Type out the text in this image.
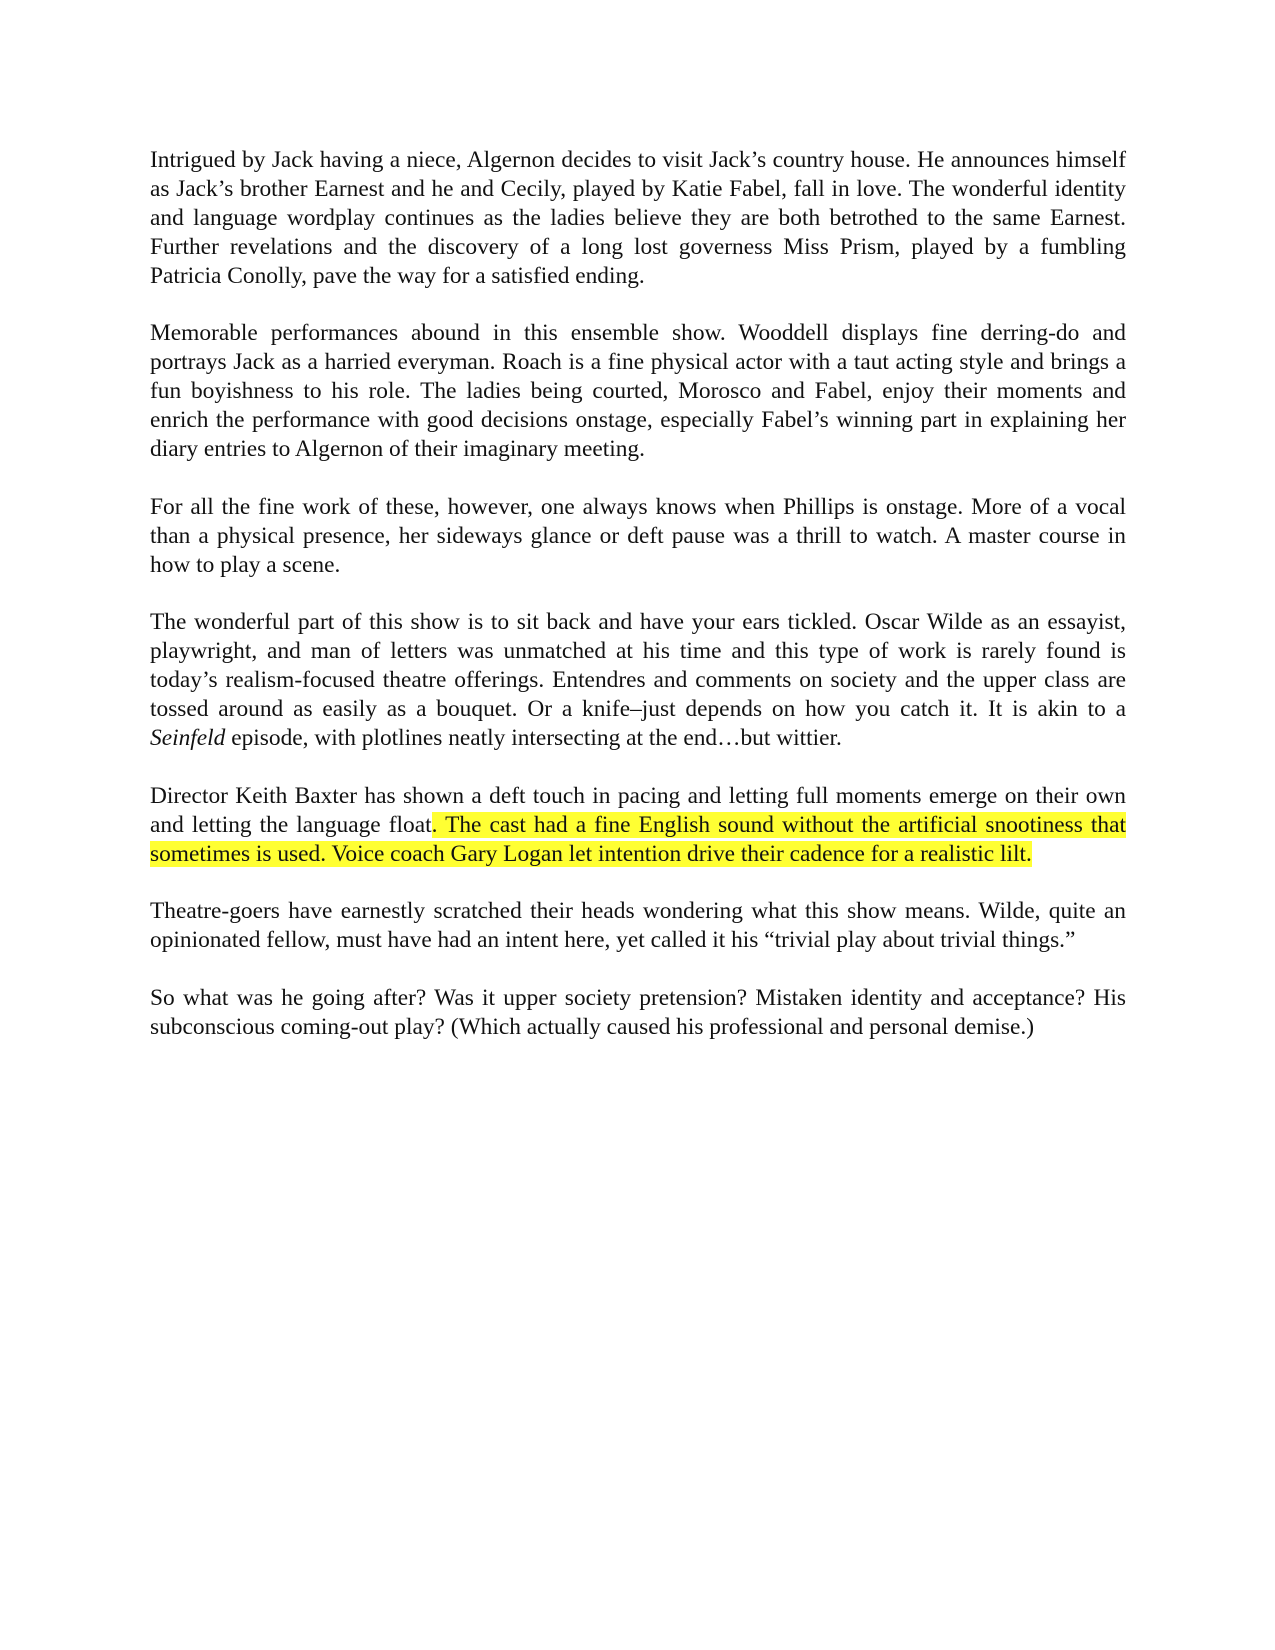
Intrigued by Jack having a niece, Algernon decides to visit Jack’s country house. He announces himself as Jack’s brother Earnest and he and Cecily, played by Katie Fabel, fall in love. The wonderful identity and language wordplay continues as the ladies believe they are both betrothed to the same Earnest. Further revelations and the discovery of a long lost governess Miss Prism, played by a fumbling Patricia Conolly, pave the way for a satisfied ending.

Memorable performances abound in this ensemble show. Wooddell displays fine derring-do and portrays Jack as a harried everyman. Roach is a fine physical actor with a taut acting style and brings a fun boyishness to his role. The ladies being courted, Morosco and Fabel, enjoy their moments and enrich the performance with good decisions onstage, especially Fabel’s winning part in explaining her diary entries to Algernon of their imaginary meeting.

For all the fine work of these, however, one always knows when Phillips is onstage. More of a vocal than a physical presence, her sideways glance or deft pause was a thrill to watch. A master course in how to play a scene.

The wonderful part of this show is to sit back and have your ears tickled. Oscar Wilde as an essayist, playwright, and man of letters was unmatched at his time and this type of work is rarely found is today’s realism-focused theatre offerings. Entendres and comments on society and the upper class are tossed around as easily as a bouquet. Or a knife–just depends on how you catch it. It is akin to a Seinfeld episode, with plotlines neatly intersecting at the end…but wittier.

Director Keith Baxter has shown a deft touch in pacing and letting full moments emerge on their own and letting the language float. The cast had a fine English sound without the artificial snootiness that sometimes is used. Voice coach Gary Logan let intention drive their cadence for a realistic lilt.

Theatre-goers have earnestly scratched their heads wondering what this show means. Wilde, quite an opinionated fellow, must have had an intent here, yet called it his “trivial play about trivial things.”

So what was he going after? Was it upper society pretension? Mistaken identity and acceptance? His subconscious coming-out play? (Which actually caused his professional and personal demise.)
